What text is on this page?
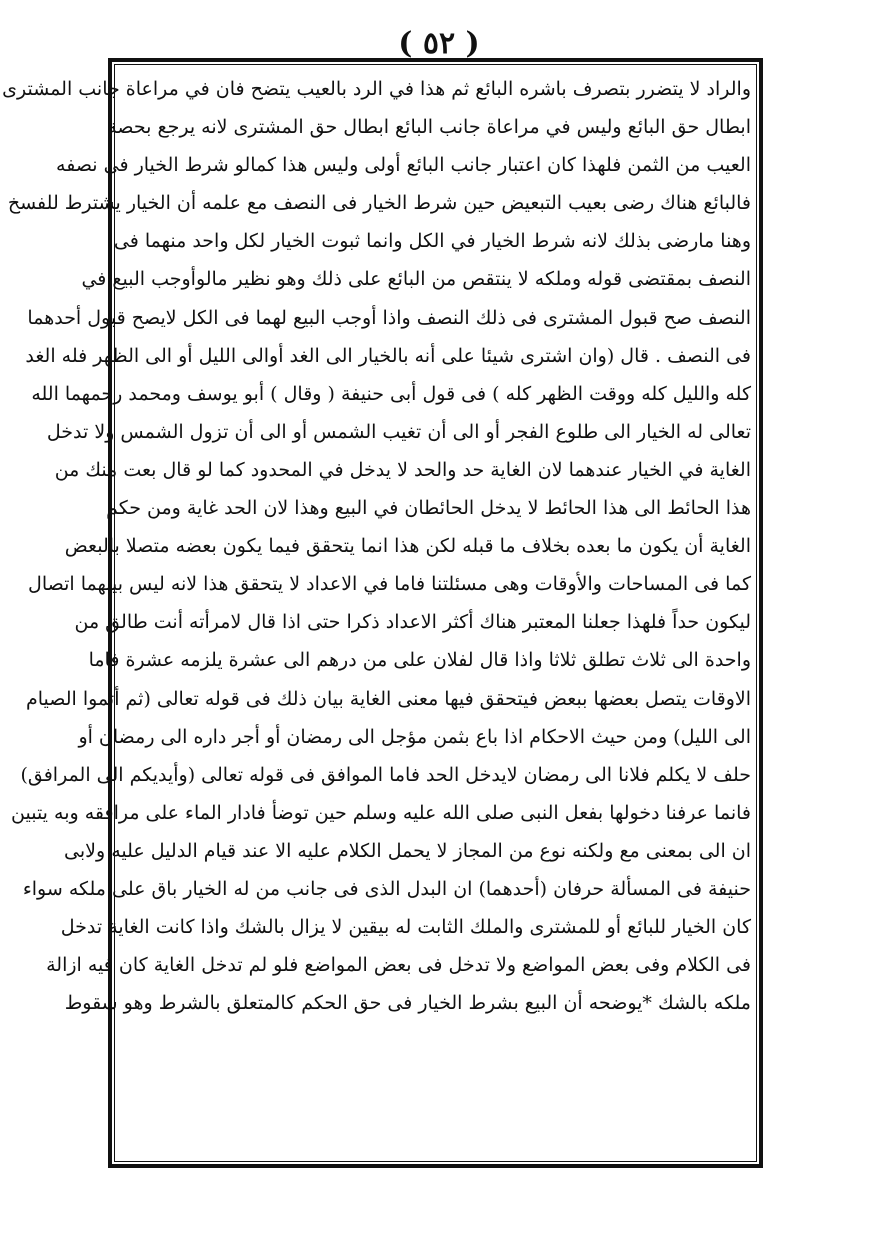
( ٥٢ )
والراد لا يتضرر بتصرف باشره البائع ثم هذا في الرد بالعيب يتضح فان في مراعاة جانب المشترى
ابطال حق البائع وليس في مراعاة جانب البائع ابطال حق المشترى لانه يرجع بحصة
العيب من الثمن فلهذا كان اعتبار جانب البائع أولى وليس هذا كمالو شرط الخيار فى نصفه
فالبائع هناك رضى بعيب التبعيض حين شرط الخيار فى النصف مع علمه أن الخيار يشترط للفسخ
وهنا مارضى بذلك لانه شرط الخيار في الكل وانما ثبوت الخيار لكل واحد منهما فى
النصف بمقتضى قوله وملكه لا ينتقص من البائع على ذلك وهو نظير مالوأوجب البيع في
النصف صح قبول المشترى فى ذلك النصف واذا أوجب البيع لهما فى الكل لايصح قبول أحدهما
فى النصف . قال (وان اشترى شيئا على أنه بالخيار الى الغد أوالى الليل أو الى الظهر فله الغد
كله والليل كله ووقت الظهر كله ) فى قول أبى حنيفة ( وقال ) أبو يوسف ومحمد رحمهما الله
تعالى له الخيار الى طلوع الفجر أو الى أن تغيب الشمس أو الى أن تزول الشمس ولا تدخل
الغاية في الخيار عندهما لان الغاية حد والحد لا يدخل في المحدود كما لو قال بعت منك من
هذا الحائط الى هذا الحائط لا يدخل الحائطان في البيع وهذا لان الحد غاية ومن حكم
الغاية أن يكون ما بعده بخلاف ما قبله لكن هذا انما يتحقق فيما يكون بعضه متصلا بالبعض
كما فى المساحات والأوقات وهى مسئلتنا فاما في الاعداد لا يتحقق هذا لانه ليس بينهما اتصال
ليكون حداً فلهذا جعلنا المعتبر هناك أكثر الاعداد ذكرا حتى اذا قال لامرأته أنت طالق من
واحدة الى ثلاث تطلق ثلاثا واذا قال لفلان على من درهم الى عشرة يلزمه عشرة فاما
الاوقات يتصل بعضها ببعض فيتحقق فيها معنى الغاية بيان ذلك فى قوله تعالى (ثم أتموا الصيام
الى الليل) ومن حيث الاحكام اذا باع بثمن مؤجل الى رمضان أو أجر داره الى رمضان أو
حلف لا يكلم فلانا الى رمضان لايدخل الحد فاما الموافق فى قوله تعالى (وأيديكم الى المرافق)
فانما عرفنا دخولها بفعل النبى صلى الله عليه وسلم حين توضأ فادار الماء على مرافقه وبه يتبين
ان الى بمعنى مع ولكنه نوع من المجاز لا يحمل الكلام عليه الا عند قيام الدليل عليه ولابى
حنيفة فى المسألة حرفان (أحدهما) ان البدل الذى فى جانب من له الخيار باق على ملكه سواء
كان الخيار للبائع أو للمشترى والملك الثابت له بيقين لا يزال بالشك واذا كانت الغاية تدخل
فى الكلام وفى بعض المواضع ولا تدخل فى بعض المواضع فلو لم تدخل الغاية كان فيه ازالة
ملكه بالشك *يوضحه أن البيع بشرط الخيار فى حق الحكم كالمتعلق بالشرط وهو سقوط
